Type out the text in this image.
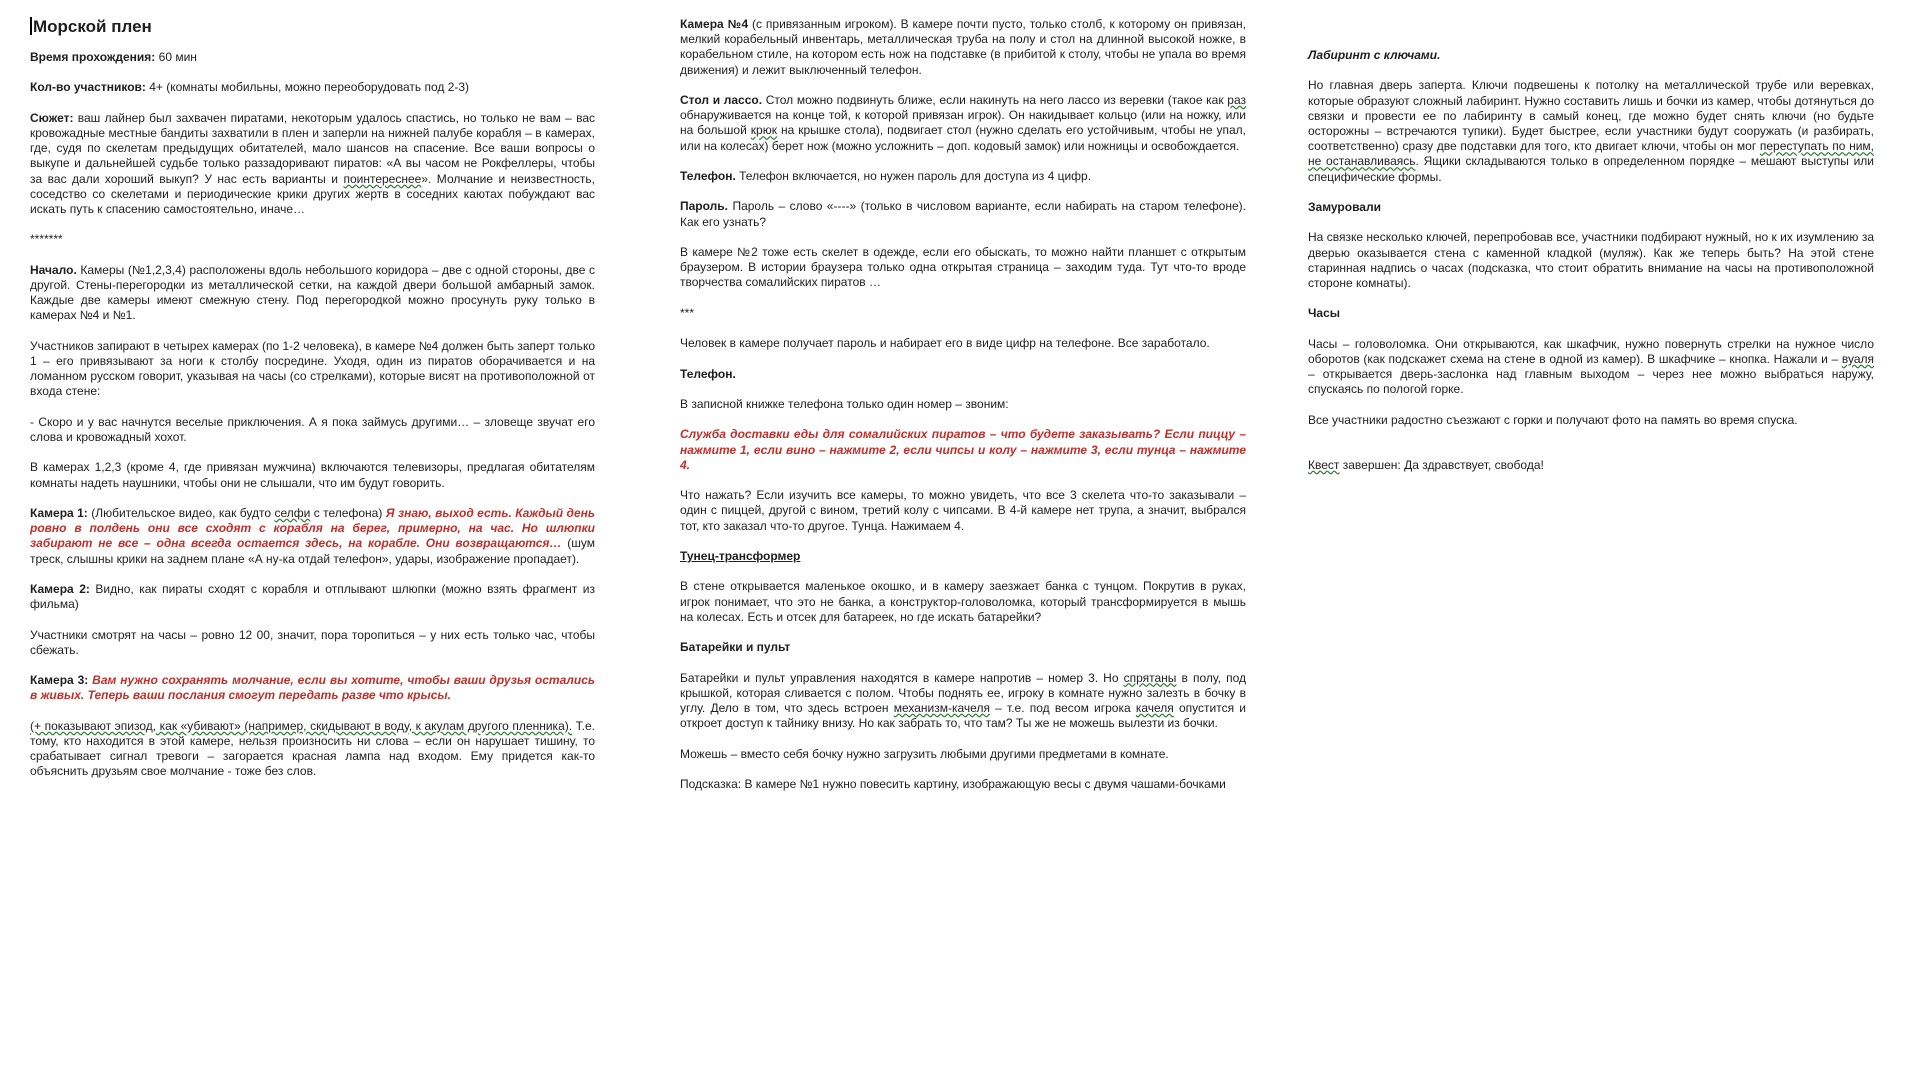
Морской плен

Время прохождения: 60 мин

Кол-во участников: 4+ (комнаты мобильны, можно переоборудовать под 2-3)

Сюжет: ваш лайнер был захвачен пиратами, некоторым удалось спастись, но только не вам – вас кровожадные местные бандиты захватили в плен и заперли на нижней палубе корабля – в камерах, где, судя по скелетам предыдущих обитателей, мало шансов на спасение. Все ваши вопросы о выкупе и дальнейшей судьбе только раззадоривают пиратов: «А вы часом не Рокфеллеры, чтобы за вас дали хороший выкуп? У нас есть варианты и поинтереснее». Молчание и неизвестность, соседство со скелетами и периодические крики других жертв в соседних каютах побуждают вас искать путь к спасению самостоятельно, иначе…

*******

Начало. Камеры (№1,2,3,4) расположены вдоль небольшого коридора – две с одной стороны, две с другой. Стены-перегородки из металлической сетки, на каждой двери большой амбарный замок. Каждые две камеры имеют смежную стену. Под перегородкой можно просунуть руку только в камерах №4 и №1.

Участников запирают в четырех камерах (по 1-2 человека), в камере №4 должен быть заперт только 1 – его привязывают за ноги к столбу посредине. Уходя, один из пиратов оборачивается и на ломанном русском говорит, указывая на часы (со стрелками), которые висят на противоположной от входа стене:

- Скоро и у вас начнутся веселые приключения. А я пока займусь другими… – зловеще звучат его слова и кровожадный хохот.

В камерах 1,2,3 (кроме 4, где привязан мужчина) включаются телевизоры, предлагая обитателям комнаты надеть наушники, чтобы они не слышали, что им будут говорить.

Камера 1: (Любительское видео, как будто селфи с телефона) Я знаю, выход есть. Каждый день ровно в полдень они все сходят с корабля на берег, примерно, на час. Но шлюпки забирают не все – одна всегда остается здесь, на корабле. Они возвращаются… (шум треск, слышны крики на заднем плане «А ну-ка отдай телефон», удары, изображение пропадает).

Камера 2: Видно, как пираты сходят с корабля и отплывают шлюпки (можно взять фрагмент из фильма)

Участники смотрят на часы – ровно 12 00, значит, пора торопиться – у них есть только час, чтобы сбежать.

Камера 3: Вам нужно сохранять молчание, если вы хотите, чтобы ваши друзья остались в живых. Теперь ваши послания смогут передать разве что крысы.

(+ показывают эпизод, как «убивают» (например, скидывают в воду, к акулам другого пленника). Т.е. тому, кто находится в этой камере, нельзя произносить ни слова – если он нарушает тишину, то срабатывает сигнал тревоги – загорается красная лампа над входом. Ему придется как-то объяснить друзьям свое молчание - тоже без слов.

Камера №4 (с привязанным игроком). В камере почти пусто, только столб, к которому он привязан, мелкий корабельный инвентарь, металлическая труба на полу и стол на длинной высокой ножке, в корабельном стиле, на котором есть нож на подставке (в прибитой к столу, чтобы не упала во время движения) и лежит выключенный телефон.

Стол и лассо. Стол можно подвинуть ближе, если накинуть на него лассо из веревки (такое как раз обнаруживается на конце той, к которой привязан игрок). Он накидывает кольцо (или на ножку, или на большой крюк на крышке стола), подвигает стол (нужно сделать его устойчивым, чтобы не упал, или на колесах) берет нож (можно усложнить – доп. кодовый замок) или ножницы и освобождается.

Телефон. Телефон включается, но нужен пароль для доступа из 4 цифр.

Пароль. Пароль – слово «----» (только в числовом варианте, если набирать на старом телефоне). Как его узнать?

В камере №2 тоже есть скелет в одежде, если его обыскать, то можно найти планшет с открытым браузером. В истории браузера только одна открытая страница – заходим туда. Тут что-то вроде творчества сомалийских пиратов …

***

Человек в камере получает пароль и набирает его в виде цифр на телефоне. Все заработало.

Телефон.

В записной книжке телефона только один номер – звоним:

Служба доставки еды для сомалийских пиратов – что будете заказывать? Если пиццу – нажмите 1, если вино – нажмите 2, если чипсы и колу – нажмите 3, если тунца – нажмите 4.

Что нажать? Если изучить все камеры, то можно увидеть, что все 3 скелета что-то заказывали – один с пиццей, другой с вином, третий колу с чипсами. В 4-й камере нет трупа, а значит, выбрался тот, кто заказал что-то другое. Тунца. Нажимаем 4.

Тунец-трансформер

В стене открывается маленькое окошко, и в камеру заезжает банка с тунцом. Покрутив в руках, игрок понимает, что это не банка, а конструктор-головоломка, который трансформируется в мышь на колесах. Есть и отсек для батареек, но где искать батарейки?

Батарейки и пульт

Батарейки и пульт управления находятся в камере напротив – номер 3. Но спрятаны в полу, под крышкой, которая сливается с полом. Чтобы поднять ее, игроку в комнате нужно залезть в бочку в углу. Дело в том, что здесь встроен механизм-качеля – т.е. под весом игрока качеля опустится и откроет доступ к тайнику внизу. Но как забрать то, что там? Ты же не можешь вылезти из бочки.

Можешь – вместо себя бочку нужно загрузить любыми другими предметами в комнате.

Подсказка: В камере №1 нужно повесить картину, изображающую весы с двумя чашами-бочками

Лабиринт с ключами.

Но главная дверь заперта. Ключи подвешены к потолку на металлической трубе или веревках, которые образуют сложный лабиринт. Нужно составить лишь и бочки из камер, чтобы дотянуться до связки и провести ее по лабиринту в самый конец, где можно будет снять ключи (но будьте осторожны – встречаются тупики). Будет быстрее, если участники будут сооружать (и разбирать, соответственно) сразу две подставки для того, кто двигает ключи, чтобы он мог переступать по ним, не останавливаясь. Ящики складываются только в определенном порядке – мешают выступы или специфические формы.

Замуровали

На связке несколько ключей, перепробовав все, участники подбирают нужный, но к их изумлению за дверью оказывается стена с каменной кладкой (муляж). Как же теперь быть? На этой стене старинная надпись о часах (подсказка, что стоит обратить внимание на часы на противоположной стороне комнаты).

Часы

Часы – головоломка. Они открываются, как шкафчик, нужно повернуть стрелки на нужное число оборотов (как подскажет схема на стене в одной из камер). В шкафчике – кнопка. Нажали и – вуаля – открывается дверь-заслонка над главным выходом – через нее можно выбраться наружу, спускаясь по пологой горке.

Все участники радостно съезжают с горки и получают фото на память во время спуска.

Квест завершен: Да здравствует, свобода!
